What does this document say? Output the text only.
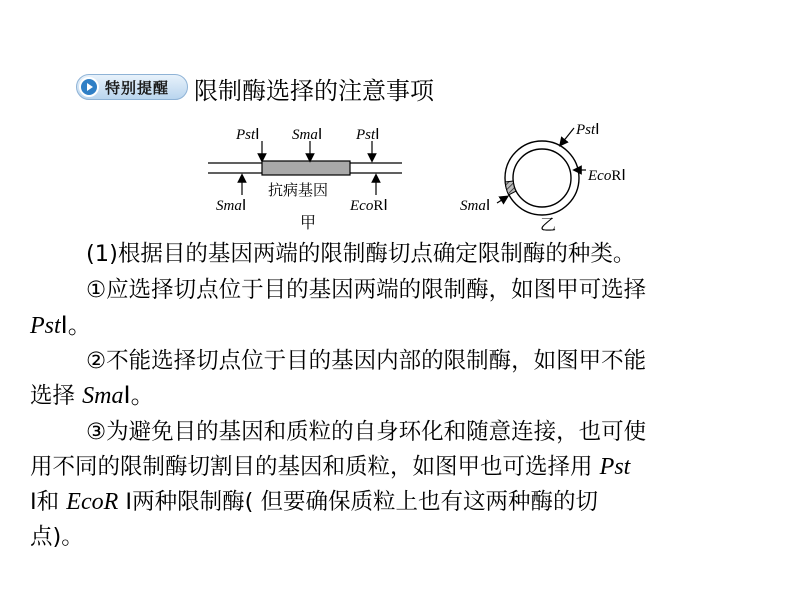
特别提醒 限制酶选择的注意事项
PstⅠ SmaⅠ PstⅠ
SmaⅠ	EcoRⅠ
抗病基因
甲
PstⅠ
EcoRⅠ
SmaⅠ
乙
(1)根据目的基因两端的限制酶切点确定限制酶的种类。
①应选择切点位于目的基因两端的限制酶，如图甲可选择
PstⅠ。
②不能选择切点位于目的基因内部的限制酶，如图甲不能
选择 SmaⅠ。
③为避免目的基因和质粒的自身环化和随意连接，也可使
用不同的限制酶切割目的基因和质粒，如图甲也可选择用 Pst
Ⅰ和 EcoR Ⅰ两种限制酶( 但要确保质粒上也有这两种酶的切
点)。
